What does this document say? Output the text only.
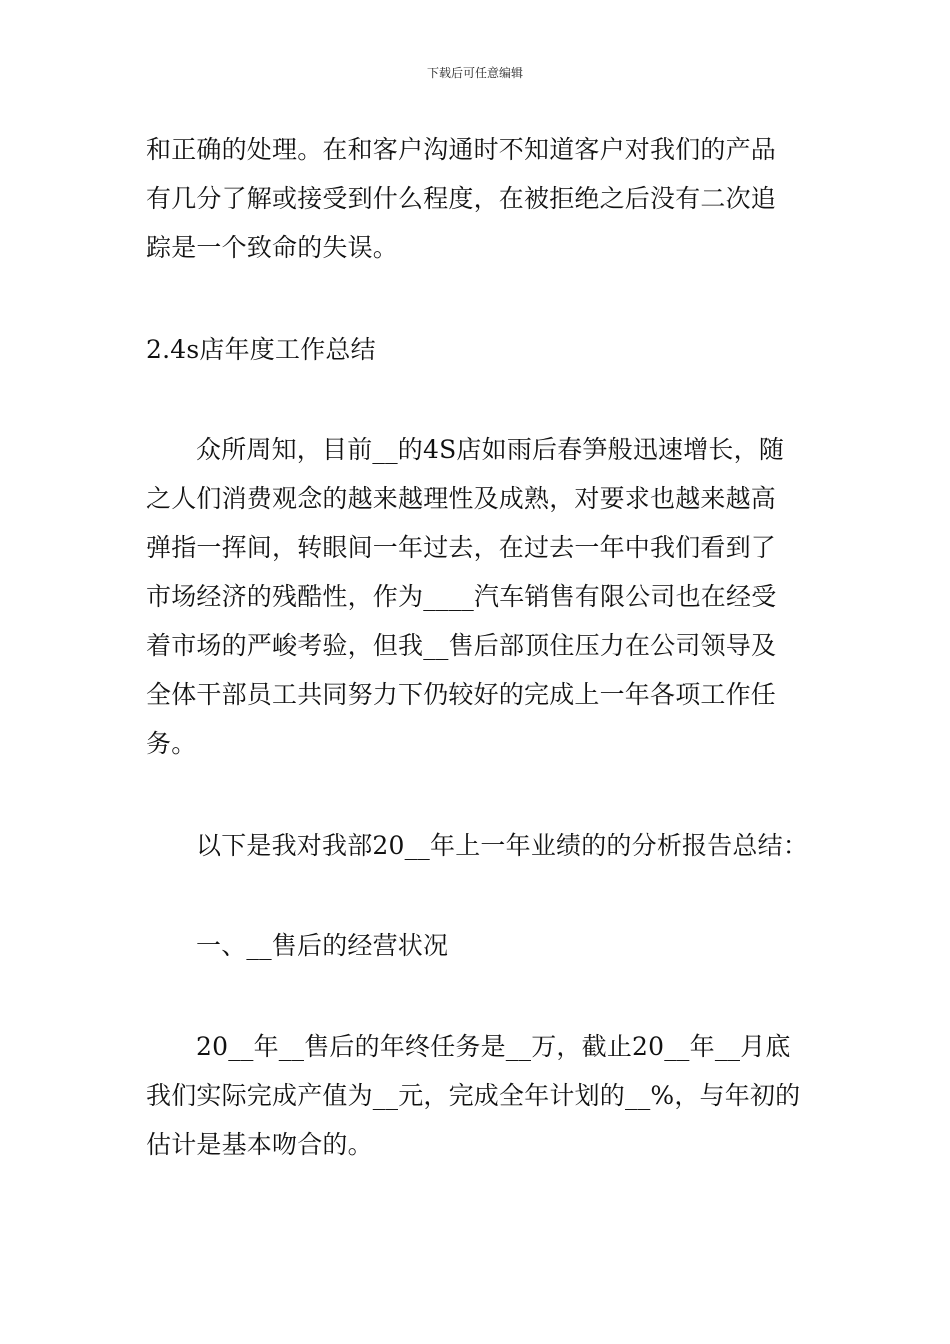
下载后可任意编辑
和正确的处理。在和客户沟通时不知道客户对我们的产品
有几分了解或接受到什么程度，在被拒绝之后没有二次追
踪是一个致命的失误。
2.4s店年度工作总结
众所周知，目前__的4S店如雨后春笋般迅速增长，随
之人们消费观念的越来越理性及成熟，对要求也越来越高
弹指一挥间，转眼间一年过去，在过去一年中我们看到了
市场经济的残酷性，作为____汽车销售有限公司也在经受
着市场的严峻考验，但我__售后部顶住压力在公司领导及
全体干部员工共同努力下仍较好的完成上一年各项工作任
务。
以下是我对我部20__年上一年业绩的的分析报告总结：
一、__售后的经营状况
20__年__售后的年终任务是__万，截止20__年__月底
我们实际完成产值为__元，完成全年计划的__%，与年初的
估计是基本吻合的。
